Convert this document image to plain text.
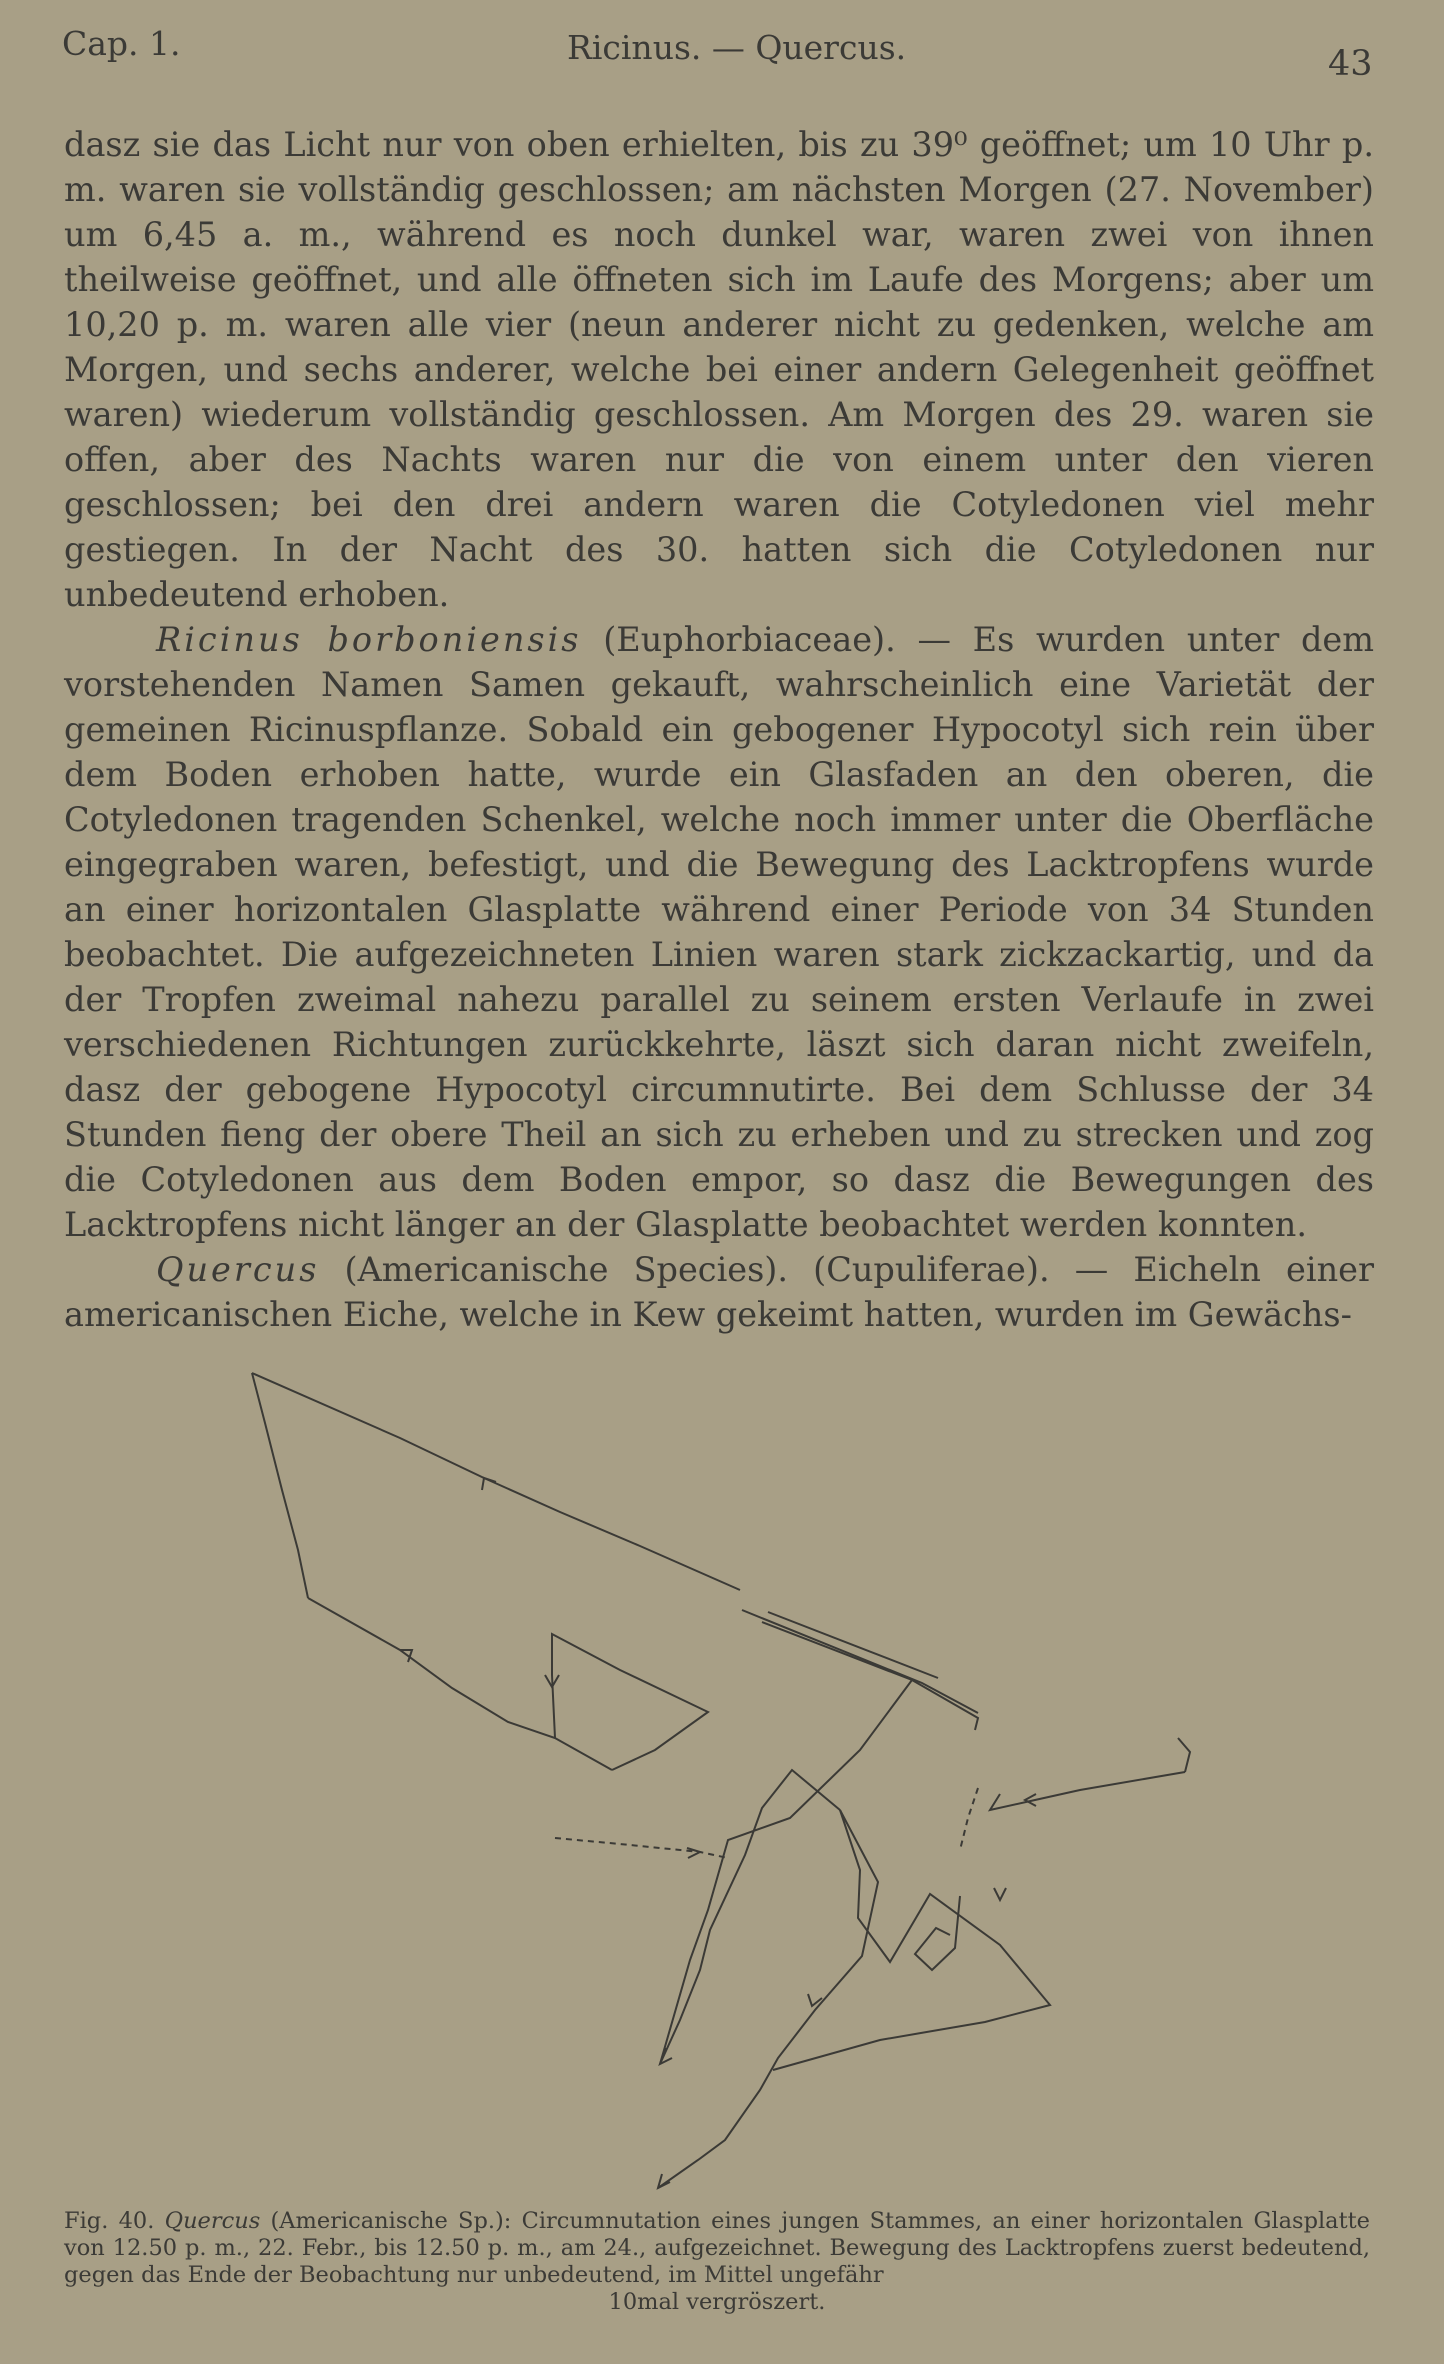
Cap. 1.	Ricinus. — Quercus.	43

dasz sie das Licht nur von oben erhielten, bis zu 39⁰ geöffnet; um 10 Uhr p. m. waren sie vollständig geschlossen; am nächsten Morgen (27. November) um 6,45 a. m., während es noch dunkel war, waren zwei von ihnen theilweise geöffnet, und alle öffneten sich im Laufe des Morgens; aber um 10,20 p. m. waren alle vier (neun anderer nicht zu gedenken, welche am Morgen, und sechs anderer, welche bei einer andern Gelegenheit geöffnet waren) wiederum vollständig geschlossen. Am Morgen des 29. waren sie offen, aber des Nachts waren nur die von einem unter den vieren geschlossen; bei den drei andern waren die Cotyledonen viel mehr gestiegen. In der Nacht des 30. hatten sich die Cotyledonen nur unbedeutend erhoben.

Ricinus borboniensis (Euphorbiaceae). — Es wurden unter dem vorstehenden Namen Samen gekauft, wahrscheinlich eine Varietät der gemeinen Ricinuspflanze. Sobald ein gebogener Hypocotyl sich rein über dem Boden erhoben hatte, wurde ein Glasfaden an den oberen, die Cotyledonen tragenden Schenkel, welche noch immer unter die Oberfläche eingegraben waren, befestigt, und die Bewegung des Lacktropfens wurde an einer horizontalen Glasplatte während einer Periode von 34 Stunden beobachtet. Die aufgezeichneten Linien waren stark zickzackartig, und da der Tropfen zweimal nahezu parallel zu seinem ersten Verlaufe in zwei verschiedenen Richtungen zurückkehrte, läszt sich daran nicht zweifeln, dasz der gebogene Hypocotyl circumnutirte. Bei dem Schlusse der 34 Stunden fieng der obere Theil an sich zu erheben und zu strecken und zog die Cotyledonen aus dem Boden empor, so dasz die Bewegungen des Lacktropfens nicht länger an der Glasplatte beobachtet werden konnten.

Quercus (Americanische Species). (Cupuliferae). — Eicheln einer americanischen Eiche, welche in Kew gekeimt hatten, wurden im Gewächs-

Fig. 40. Quercus (Americanische Sp.): Circumnutation eines jungen Stammes, an einer horizontalen Glasplatte von 12.50 p. m., 22. Febr., bis 12.50 p. m., am 24., aufgezeichnet. Bewegung des Lacktropfens zuerst bedeutend, gegen das Ende der Beobachtung nur unbedeutend, im Mittel ungefähr
10mal vergröszert.
